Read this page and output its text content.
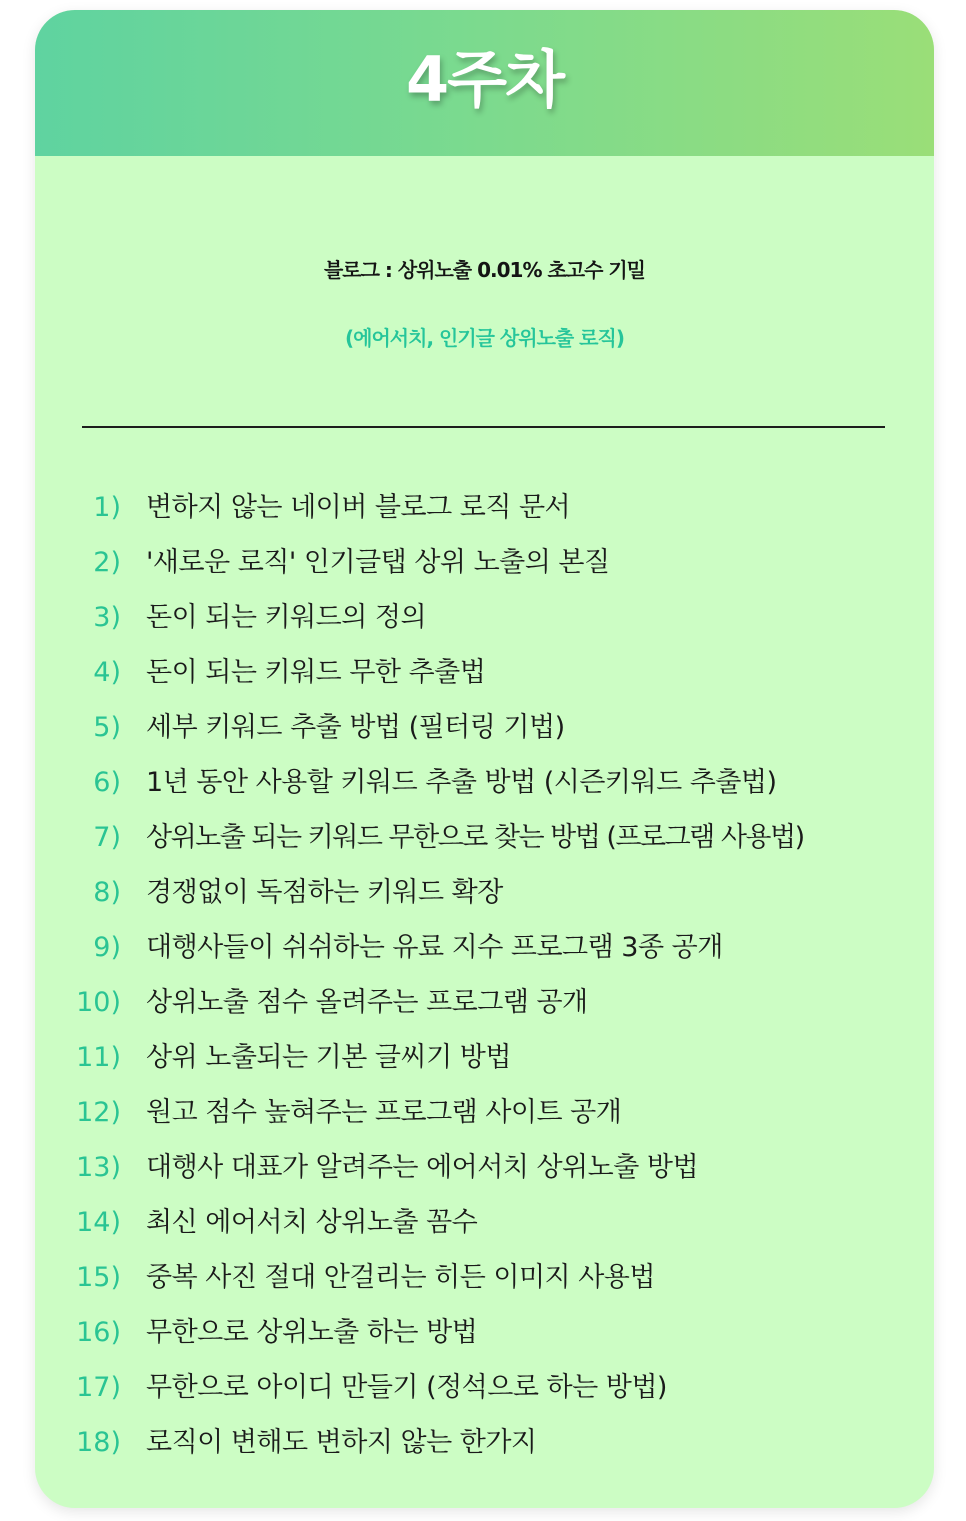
4주차
블로그 : 상위노출 0.01% 초고수 기밀
(에어서치, 인기글 상위노출 로직)
1) 변하지 않는 네이버 블로그 로직 문서
2) '새로운 로직' 인기글탭 상위 노출의 본질
3) 돈이 되는 키워드의 정의
4) 돈이 되는 키워드 무한 추출법
5) 세부 키워드 추출 방법 (필터링 기법)
6) 1년 동안 사용할 키워드 추출 방법 (시즌키워드 추출법)
7) 상위노출 되는 키워드 무한으로 찾는 방법 (프로그램 사용법)
8) 경쟁없이 독점하는 키워드 확장
9) 대행사들이 쉬쉬하는 유료 지수 프로그램 3종 공개
10) 상위노출 점수 올려주는 프로그램 공개
11) 상위 노출되는 기본 글씨기 방법
12) 원고 점수 높혀주는 프로그램 사이트 공개
13) 대행사 대표가 알려주는 에어서치 상위노출 방법
14) 최신 에어서치 상위노출 꼼수
15) 중복 사진 절대 안걸리는 히든 이미지 사용법
16) 무한으로 상위노출 하는 방법
17) 무한으로 아이디 만들기 (정석으로 하는 방법)
18) 로직이 변해도 변하지 않는 한가지
